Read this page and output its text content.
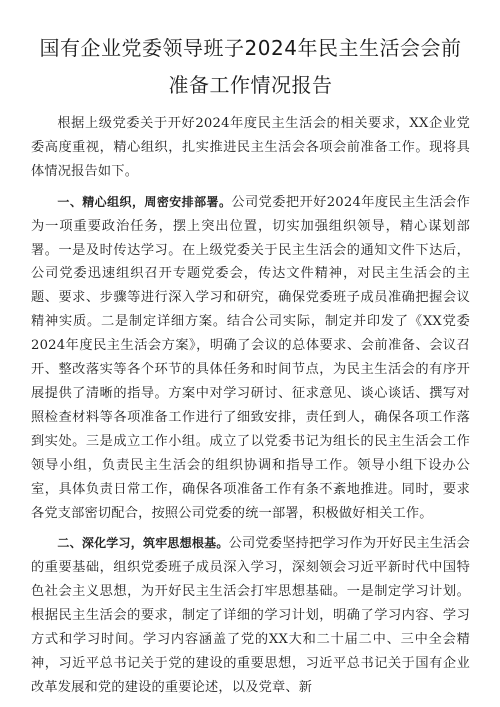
国有企业党委领导班子2024年民主生活会会前准备工作情况报告

根据上级党委关于开好2024年度民主生活会的相关要求，XX企业党委高度重视，精心组织，扎实推进民主生活会各项会前准备工作。现将具体情况报告如下。

一、精心组织，周密安排部署。公司党委把开好2024年度民主生活会作为一项重要政治任务，摆上突出位置，切实加强组织领导，精心谋划部署。一是及时传达学习。在上级党委关于民主生活会的通知文件下达后，公司党委迅速组织召开专题党委会，传达文件精神，对民主生活会的主题、要求、步骤等进行深入学习和研究，确保党委班子成员准确把握会议精神实质。二是制定详细方案。结合公司实际，制定并印发了《XX党委2024年度民主生活会方案》，明确了会议的总体要求、会前准备、会议召开、整改落实等各个环节的具体任务和时间节点，为民主生活会的有序开展提供了清晰的指导。方案中对学习研讨、征求意见、谈心谈话、撰写对照检查材料等各项准备工作进行了细致安排，责任到人，确保各项工作落到实处。三是成立工作小组。成立了以党委书记为组长的民主生活会工作领导小组，负责民主生活会的组织协调和指导工作。领导小组下设办公室，具体负责日常工作，确保各项准备工作有条不紊地推进。同时，要求各党支部密切配合，按照公司党委的统一部署，积极做好相关工作。

二、深化学习，筑牢思想根基。公司党委坚持把学习作为开好民主生活会的重要基础，组织党委班子成员深入学习，深刻领会习近平新时代中国特色社会主义思想，为开好民主生活会打牢思想基础。一是制定学习计划。根据民主生活会的要求，制定了详细的学习计划，明确了学习内容、学习方式和学习时间。学习内容涵盖了党的XX大和二十届二中、三中全会精神，习近平总书记关于党的建设的重要思想，习近平总书记关于国有企业改革发展和党的建设的重要论述，以及党章、新
